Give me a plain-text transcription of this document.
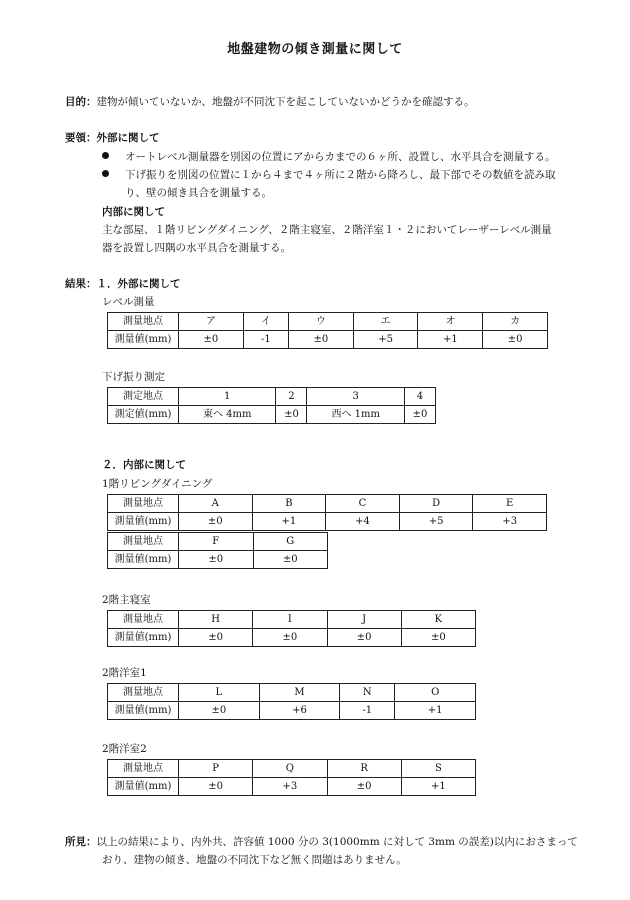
地盤建物の傾き測量に関して
目的：建物が傾いていないか、地盤が不同沈下を起こしていないかどうかを確認する。
要領：外部に関して
オートレベル測量器を別図の位置にアからカまでの６ヶ所、設置し、水平具合を測量する。
下げ振りを別図の位置に１から４まで４ヶ所に２階から降ろし、最下部でその数値を読み取
り、壁の傾き具合を測量する。
内部に関して
主な部屋、１階リビングダイニング、２階主寝室、２階洋室１・２においてレーザーレベル測量
器を設置し四隅の水平具合を測量する。
結果：１．外部に関して
レベル測量
測量地点	ア	イ	ウ	エ	オ	カ
測量値(mm)	±0	-1	±0	+5	+1	±0
下げ振り測定
測定地点	1	2	3	4
測定値(mm)	東へ 4mm	±0	西へ 1mm	±0
２．内部に関して
1階リビングダイニング
測量地点	A	B	C	D	E
測量値(mm)	±0	+1	+4	+5	+3
測量地点	F	G
測量値(mm)	±0	±0
2階主寝室
測量地点	H	I	J	K
測量値(mm)	±0	±0	±0	±0
2階洋室1
測量地点	L	M	N	O
測量値(mm)	±0	+6	-1	+1
2階洋室2
測量地点	P	Q	R	S
測量値(mm)	±0	+3	±0	+1
所見：以上の結果により、内外共、許容値 1000 分の 3(1000mm に対して 3mm の誤差)以内におさまって
おり、建物の傾き、地盤の不同沈下など無く問題はありません。
